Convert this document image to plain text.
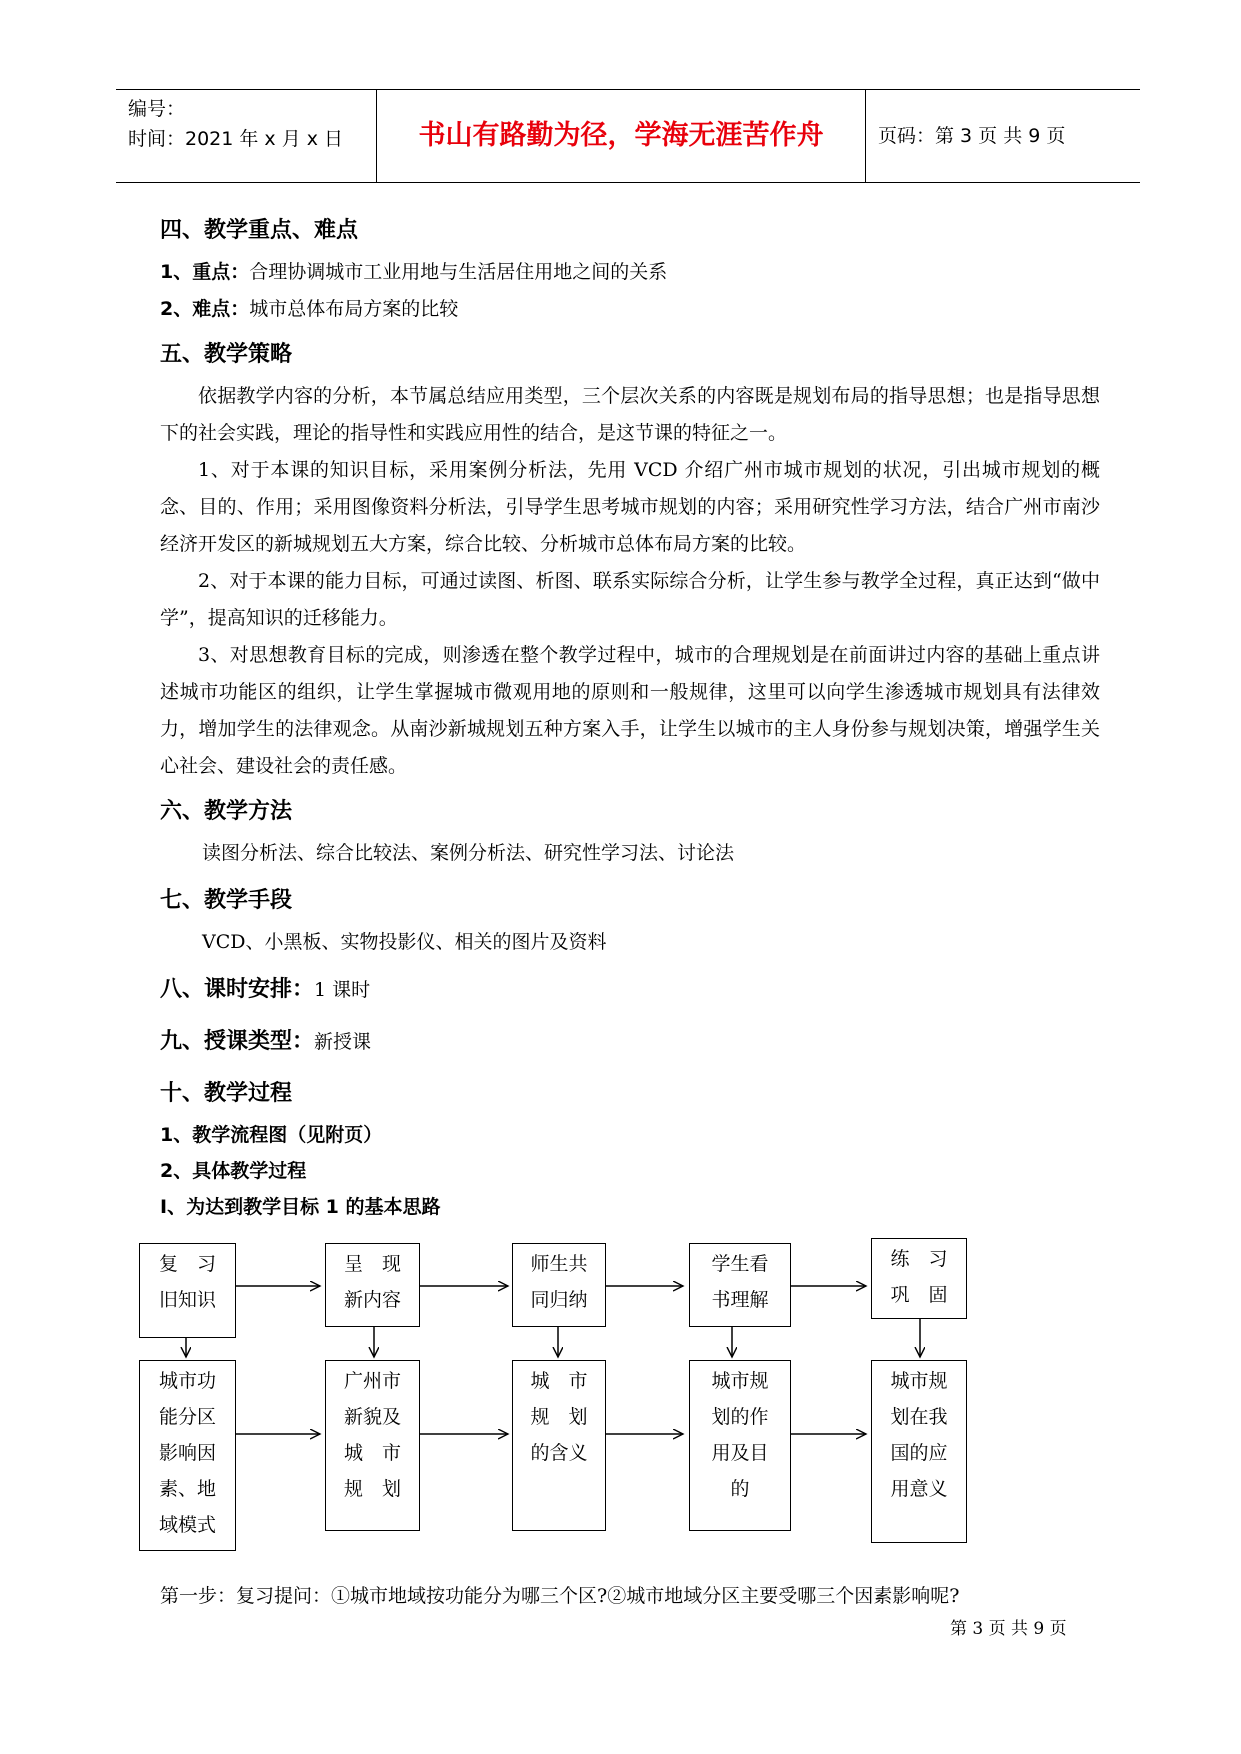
编号：
时间：2021 年 x 月 x 日	书山有路勤为径，学海无涯苦作舟	页码：第 3 页 共 9 页

四、教学重点、难点

1、重点：合理协调城市工业用地与生活居住用地之间的关系

2、难点：城市总体布局方案的比较

五、教学策略

依据教学内容的分析，本节属总结应用类型，三个层次关系的内容既是规划布局的指导思想；也是指导思想下的社会实践，理论的指导性和实践应用性的结合，是这节课的特征之一。

1、对于本课的知识目标，采用案例分析法，先用 VCD 介绍广州市城市规划的状况，引出城市规划的概念、目的、作用；采用图像资料分析法，引导学生思考城市规划的内容；采用研究性学习方法，结合广州市南沙经济开发区的新城规划五大方案，综合比较、分析城市总体布局方案的比较。

2、对于本课的能力目标，可通过读图、析图、联系实际综合分析，让学生参与教学全过程，真正达到“做中学”，提高知识的迁移能力。

3、对思想教育目标的完成，则渗透在整个教学过程中，城市的合理规划是在前面讲过内容的基础上重点讲述城市功能区的组织，让学生掌握城市微观用地的原则和一般规律，这里可以向学生渗透城市规划具有法律效力，增加学生的法律观念。从南沙新城规划五种方案入手，让学生以城市的主人身份参与规划决策，增强学生关心社会、建设社会的责任感。

六、教学方法

读图分析法、综合比较法、案例分析法、研究性学习法、讨论法

七、教学手段

VCD、小黑板、实物投影仪、相关的图片及资料

八、课时安排：1 课时

九、授课类型：新授课

十、教学过程

1、教学流程图（见附页）

2、具体教学过程

Ⅰ、为达到教学目标 1 的基本思路

复　习
旧知识
呈　现
新内容
师生共
同归纳
学生看
书理解
练　习
巩　固
城市功
能分区
影响因
素、地
域模式
广州市
新貌及
城　市
规　划
城　市
规　划
的含义
城市规
划的作
用及目
的
城市规
划在我
国的应
用意义
第一步：复习提问：①城市地域按功能分为哪三个区?②城市地域分区主要受哪三个因素影响呢?
第 3 页 共 9 页
